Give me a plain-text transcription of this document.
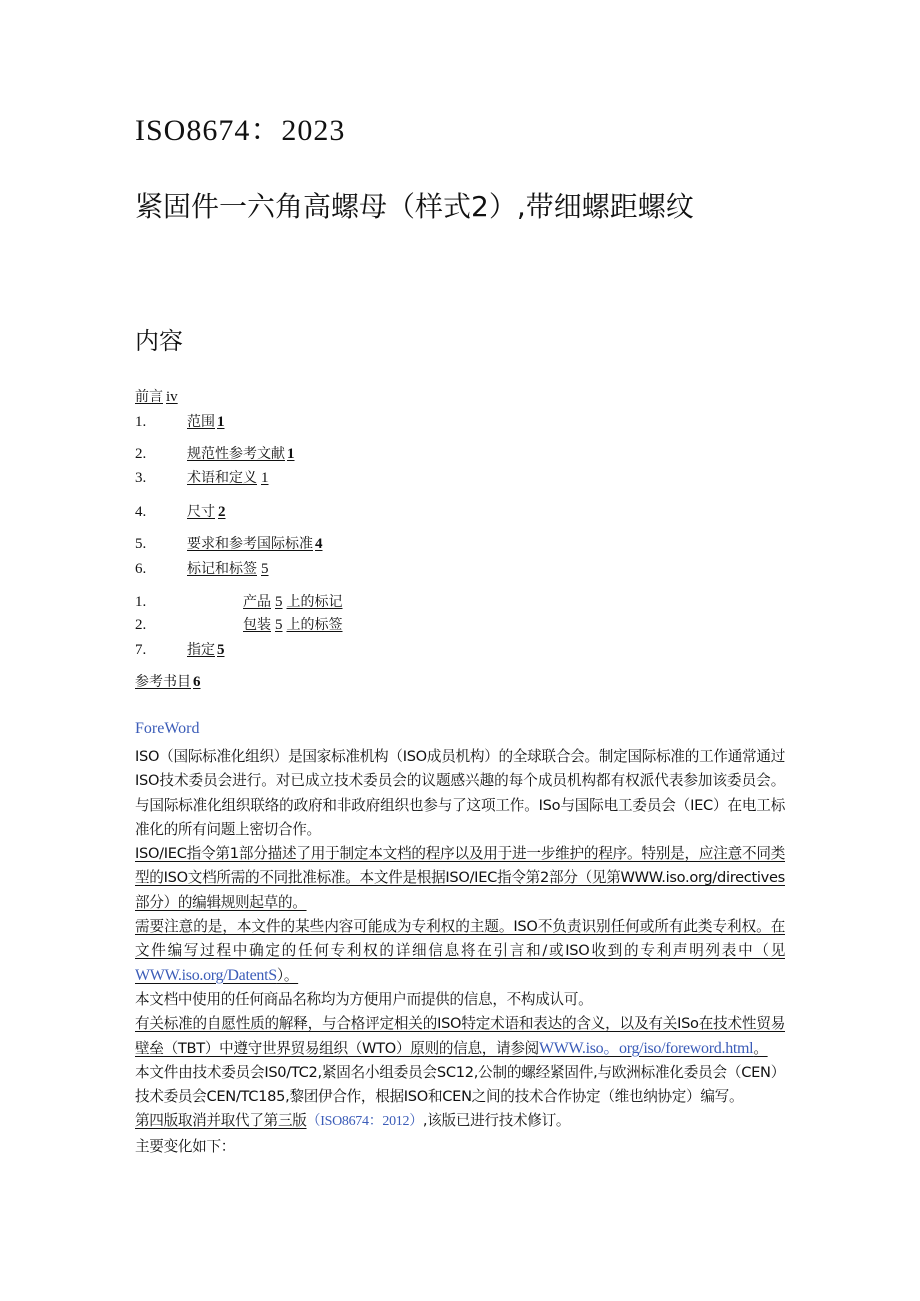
ISO8674：2023
紧固件一六角高螺母（样式2）,带细螺距螺纹
内容
前言 iv
1.	范围 1
2.	规范性参考文献 1
3.	术语和定义 1
4.	尺寸 2
5.	要求和参考国际标准 4
6.	标记和标签 5
1.	产品 5 上的标记
2.	包装 5 上的标签
7.	指定 5
参考书目 6
ForeWord

ISO（国际标准化组织）是国家标准机构（ISO成员机构）的全球联合会。制定国际标准的工作通常通过ISO技术委员会进行。对已成立技术委员会的议题感兴趣的每个成员机构都有权派代表参加该委员会。与国际标准化组织联络的政府和非政府组织也参与了这项工作。ISo与国际电工委员会（IEC）在电工标准化的所有问题上密切合作。

ISO/IEC指令第1部分描述了用于制定本文档的程序以及用于进一步维护的程序。特别是，应注意不同类型的ISO文档所需的不同批准标准。本文件是根据ISO/IEC指令第2部分（见第WWW.iso.org/directives部分）的编辑规则起草的。

需要注意的是，本文件的某些内容可能成为专利权的主题。ISO不负责识别任何或所有此类专利权。在文件编写过程中确定的任何专利权的详细信息将在引言和/或ISO收到的专利声明列表中（见WWW.iso.org/DatentS）。

本文档中使用的任何商品名称均为方便用户而提供的信息，不构成认可。

有关标准的自愿性质的解释，与合格评定相关的ISO特定术语和表达的含义，以及有关ISo在技术性贸易壁垒（TBT）中遵守世界贸易组织（WTO）原则的信息，请参阅WWW.iso。org/iso/foreword.html。

本文件由技术委员会IS0/TC2,紧固名小组委员会SC12,公制的螺经紧固件,与欧洲标准化委员会（CEN）技术委员会CEN/TC185,黎团伊合作，根据ISO和CEN之间的技术合作协定（维也纳协定）编写。

第四版取消并取代了第三版（ISO8674：2012）,该版已进行技术修订。

主要变化如下：
